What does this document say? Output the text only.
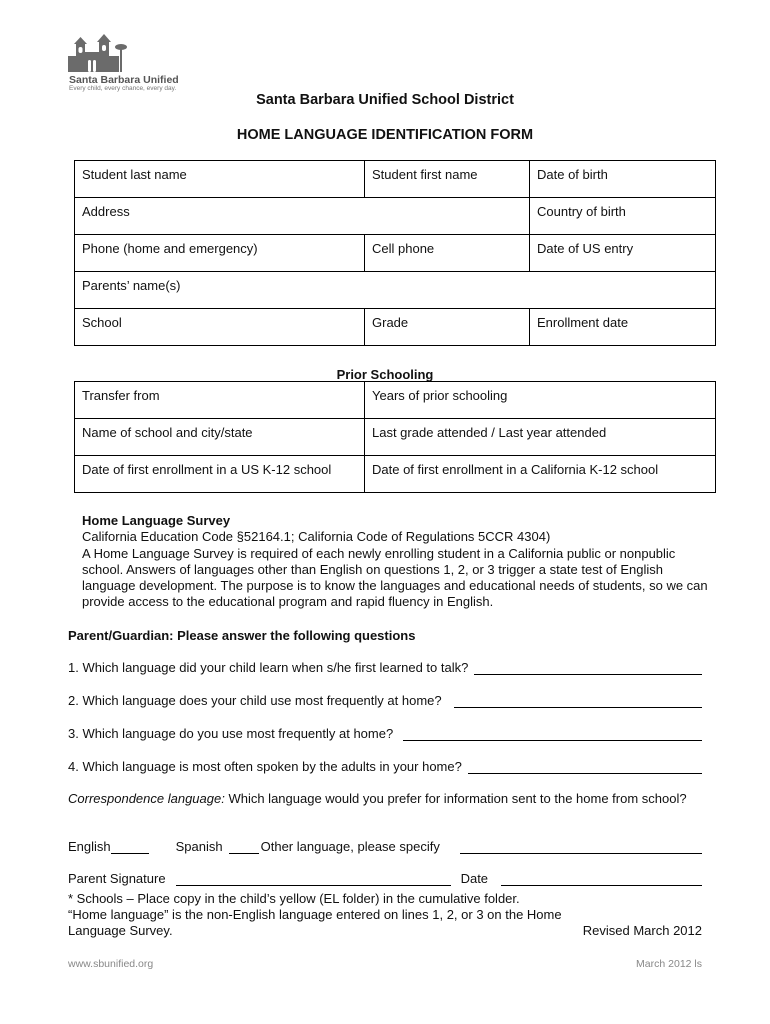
Santa Barbara Unified
Every child, every chance, every day.
Santa Barbara Unified School District
HOME LANGUAGE IDENTIFICATION FORM
Student last name	Student first name	Date of birth
Address		Country of birth
Phone (home and emergency)	Cell phone	Date of US entry
Parents’ name(s)		
School	Grade	Enrollment date
Prior Schooling
Transfer from	Years of prior schooling
Name of school and city/state	Last grade attended / Last year attended
Date of first enrollment in a US K-12 school	Date of first enrollment in a California K-12 school
Home Language Survey
California Education Code §52164.1; California Code of Regulations 5CCR 4304)
A Home Language Survey is required of each newly enrolling student in a California public or nonpublic school. Answers of languages other than English on questions 1, 2, or 3 trigger a state test of English language development. The purpose is to know the languages and educational needs of students, so we can provide access to the educational program and rapid fluency in English.
Parent/Guardian: Please answer the following questions
1. Which language did your child learn when s/he first learned to talk?
2. Which language does your child use most frequently at home?
3. Which language do you use most frequently at home?
4. Which language is most often spoken by the adults in your home?
Correspondence language: Which language would you prefer for information sent to the home from school?
English	Spanish	Other language, please specify
Parent Signature	Date
* Schools – Place copy in the child’s yellow (EL folder) in the cumulative folder.
“Home language” is the non-English language entered on lines 1, 2, or 3 on the Home Language Survey.	Revised March 2012
www.sbunified.org	March 2012 ls
